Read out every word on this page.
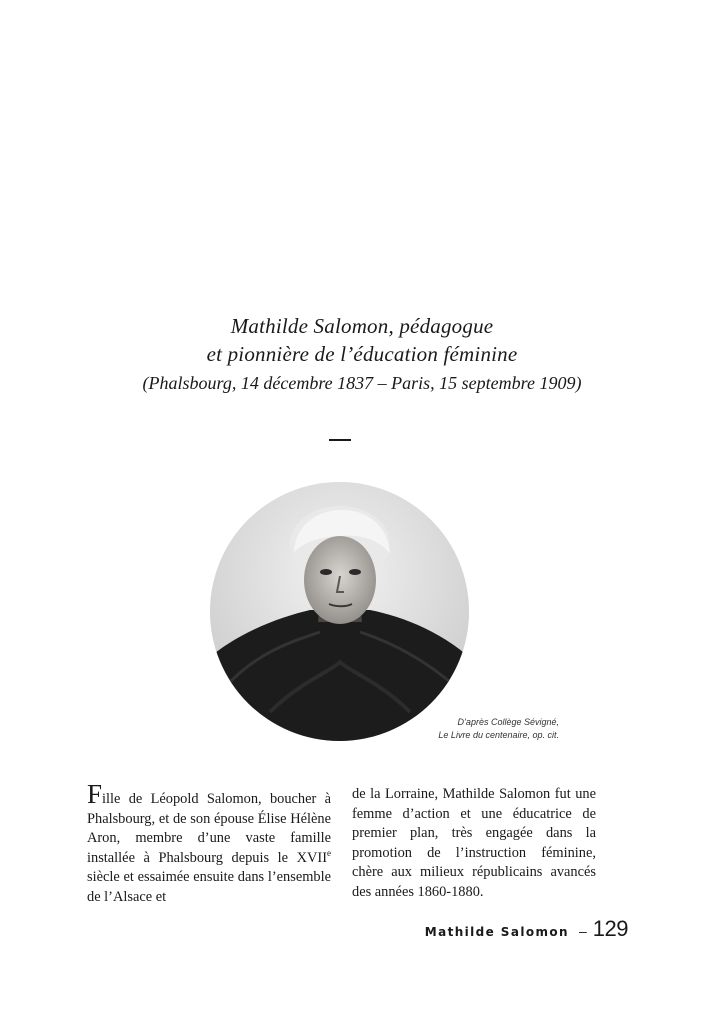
Mathilde Salomon, pédagogue
et pionnière de l’éducation féminine
(Phalsbourg, 14 décembre 1837 – Paris, 15 septembre 1909)
D’après Collège Sévigné,
Le Livre du centenaire, op. cit.

Fille de Léopold Salomon, boucher à Phalsbourg, et de son épouse Élise Hélène Aron, membre d’une vaste famille installée à Phalsbourg depuis le XVIIe siècle et essaimée ensuite dans l’ensemble de l’Alsace et

de la Lorraine, Mathilde Salomon fut une femme d’action et une éducatrice de premier plan, très engagée dans la promotion de l’instruction féminine, chère aux milieux républicains avancés des années 1860-1880.

Mathilde Salomon – 129
